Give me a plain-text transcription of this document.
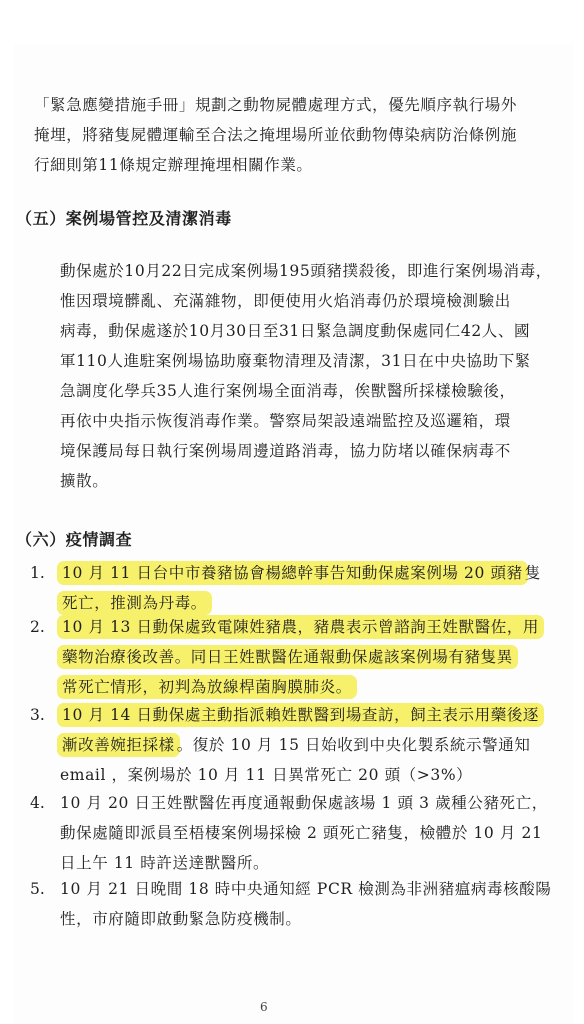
「緊急應變措施手冊」規劃之動物屍體處理方式，優先順序執行場外
掩埋，將豬隻屍體運輸至合法之掩埋場所並依動物傳染病防治條例施
行細則第11條規定辦理掩埋相關作業。
（五）案例場管控及清潔消毒
動保處於10月22日完成案例場195頭豬撲殺後，即進行案例場消毒，
惟因環境髒亂、充滿雜物，即便使用火焰消毒仍於環境檢測驗出
病毒，動保處遂於10月30日至31日緊急調度動保處同仁42人、國
軍110人進駐案例場協助廢棄物清理及清潔，31日在中央協助下緊
急調度化學兵35人進行案例場全面消毒，俟獸醫所採樣檢驗後，
再依中央指示恢復消毒作業。警察局架設遠端監控及巡邏箱，環
境保護局每日執行案例場周邊道路消毒，協力防堵以確保病毒不
擴散。
（六）疫情調查
1. 10 月 11 日台中市養豬協會楊總幹事告知動保處案例場 20 頭豬 隻
死亡，推測為丹毒。
2. 10 月 13 日動保處致電陳姓豬農，豬農表示曾諮詢王姓獸醫佐，用
藥物治療後改善。同日王姓獸醫佐通報動保處該案例場有豬隻異
常死亡情形，初判為放線桿菌胸膜肺炎。
3. 10 月 14 日動保處主動指派賴姓獸醫到場查訪，飼主表示用藥後逐
漸改善婉拒採樣 。復於 10 月 15 日始收到中央化製系統示警通知
email ，案例場於 10 月 11 日異常死亡 20 頭（>3%）
4. 10 月 20 日王姓獸醫佐再度通報動保處該場 1 頭 3 歲種公豬死亡，
動保處隨即派員至梧棲案例場採檢 2 頭死亡豬隻，檢體於 10 月 21
日上午 11 時許送達獸醫所。
5. 10 月 21 日晚間 18 時中央通知經 PCR 檢測為非洲豬瘟病毒核酸陽
性，市府隨即啟動緊急防疫機制。
6
